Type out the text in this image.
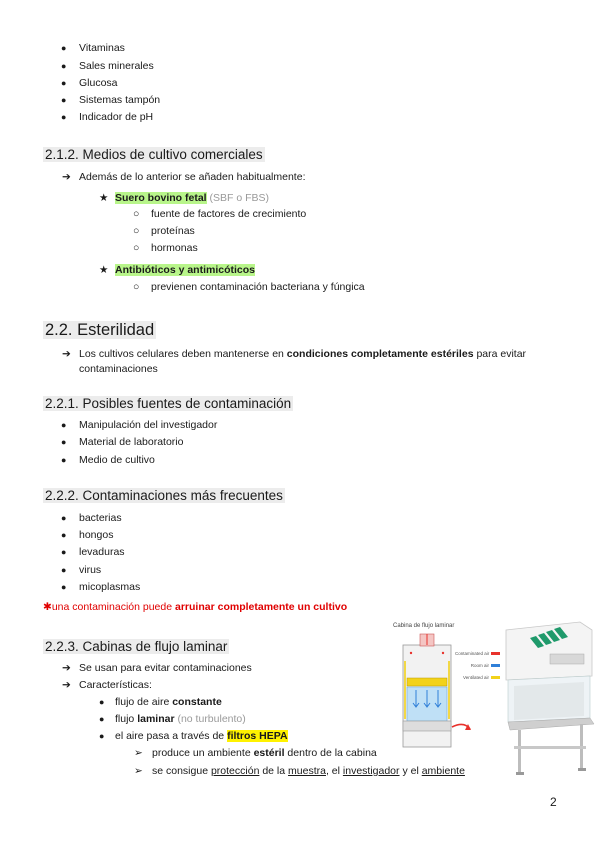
● Vitaminas
● Sales minerales
● Glucosa
● Sistemas tampón
● Indicador de pH
2.1.2. Medios de cultivo comerciales
➔ Además de lo anterior se añaden habitualmente:
★ Suero bovino fetal (SBF o FBS)
○ fuente de factores de crecimiento
○ proteínas
○ hormonas
★ Antibióticos y antimicóticos
○ previenen contaminación bacteriana y fúngica
2.2. Esterilidad
➔ Los cultivos celulares deben mantenerse en condiciones completamente estériles para evitar
contaminaciones
2.2.1. Posibles fuentes de contaminación
● Manipulación del investigador
● Material de laboratorio
● Medio de cultivo
2.2.2. Contaminaciones más frecuentes
● bacterias
● hongos
● levaduras
● virus
● micoplasmas
✱una contaminación puede arruinar completamente un cultivo
2.2.3. Cabinas de flujo laminar
➔ Se usan para evitar contaminaciones
➔ Características:
● flujo de aire constante
● flujo laminar (no turbulento)
● el aire pasa a través de filtros HEPA
➢ produce un ambiente estéril dentro de la cabina
➢ se consigue protección de la muestra, el investigador y el ambiente
Cabina de flujo laminar
Contaminated air
Room air
Ventilated air
2
